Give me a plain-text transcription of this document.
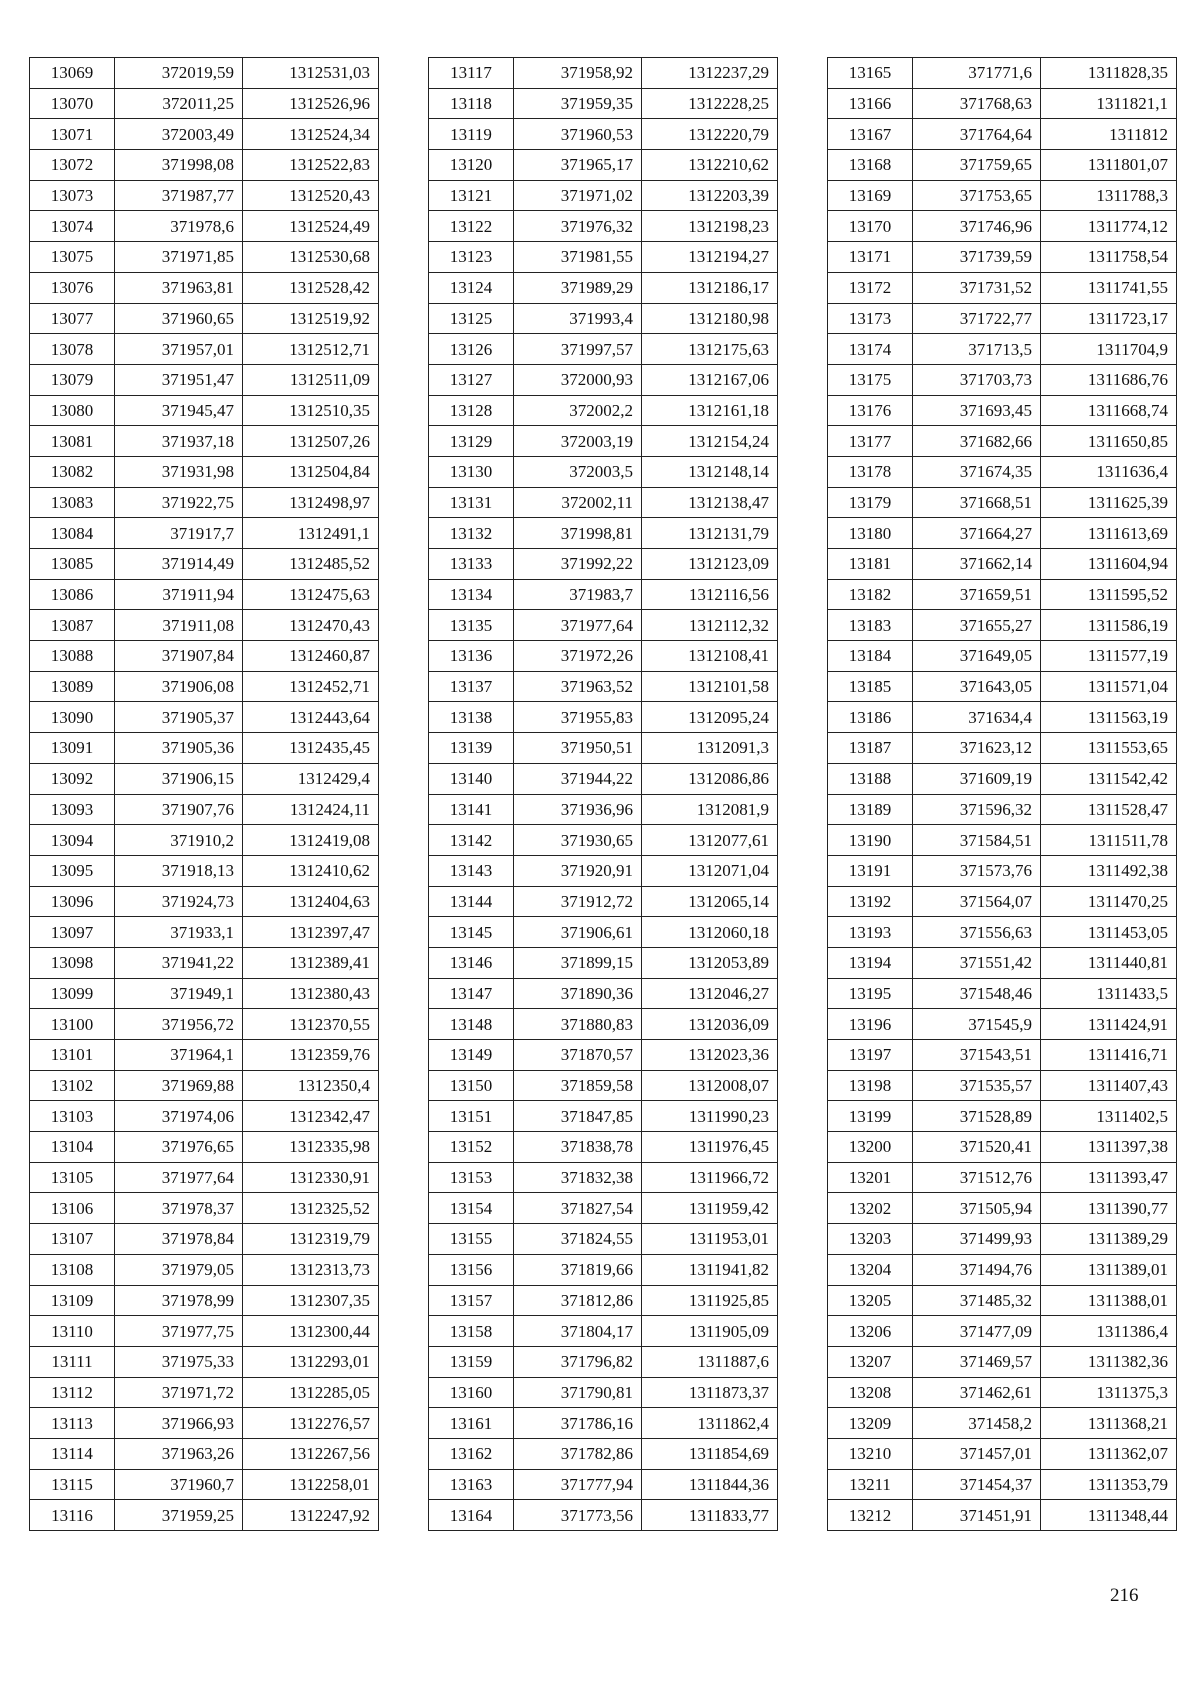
13069	372019,59	1312531,03
13070	372011,25	1312526,96
13071	372003,49	1312524,34
13072	371998,08	1312522,83
13073	371987,77	1312520,43
13074	371978,6	1312524,49
13075	371971,85	1312530,68
13076	371963,81	1312528,42
13077	371960,65	1312519,92
13078	371957,01	1312512,71
13079	371951,47	1312511,09
13080	371945,47	1312510,35
13081	371937,18	1312507,26
13082	371931,98	1312504,84
13083	371922,75	1312498,97
13084	371917,7	1312491,1
13085	371914,49	1312485,52
13086	371911,94	1312475,63
13087	371911,08	1312470,43
13088	371907,84	1312460,87
13089	371906,08	1312452,71
13090	371905,37	1312443,64
13091	371905,36	1312435,45
13092	371906,15	1312429,4
13093	371907,76	1312424,11
13094	371910,2	1312419,08
13095	371918,13	1312410,62
13096	371924,73	1312404,63
13097	371933,1	1312397,47
13098	371941,22	1312389,41
13099	371949,1	1312380,43
13100	371956,72	1312370,55
13101	371964,1	1312359,76
13102	371969,88	1312350,4
13103	371974,06	1312342,47
13104	371976,65	1312335,98
13105	371977,64	1312330,91
13106	371978,37	1312325,52
13107	371978,84	1312319,79
13108	371979,05	1312313,73
13109	371978,99	1312307,35
13110	371977,75	1312300,44
13111	371975,33	1312293,01
13112	371971,72	1312285,05
13113	371966,93	1312276,57
13114	371963,26	1312267,56
13115	371960,7	1312258,01
13116	371959,25	1312247,92
13117	371958,92	1312237,29
13118	371959,35	1312228,25
13119	371960,53	1312220,79
13120	371965,17	1312210,62
13121	371971,02	1312203,39
13122	371976,32	1312198,23
13123	371981,55	1312194,27
13124	371989,29	1312186,17
13125	371993,4	1312180,98
13126	371997,57	1312175,63
13127	372000,93	1312167,06
13128	372002,2	1312161,18
13129	372003,19	1312154,24
13130	372003,5	1312148,14
13131	372002,11	1312138,47
13132	371998,81	1312131,79
13133	371992,22	1312123,09
13134	371983,7	1312116,56
13135	371977,64	1312112,32
13136	371972,26	1312108,41
13137	371963,52	1312101,58
13138	371955,83	1312095,24
13139	371950,51	1312091,3
13140	371944,22	1312086,86
13141	371936,96	1312081,9
13142	371930,65	1312077,61
13143	371920,91	1312071,04
13144	371912,72	1312065,14
13145	371906,61	1312060,18
13146	371899,15	1312053,89
13147	371890,36	1312046,27
13148	371880,83	1312036,09
13149	371870,57	1312023,36
13150	371859,58	1312008,07
13151	371847,85	1311990,23
13152	371838,78	1311976,45
13153	371832,38	1311966,72
13154	371827,54	1311959,42
13155	371824,55	1311953,01
13156	371819,66	1311941,82
13157	371812,86	1311925,85
13158	371804,17	1311905,09
13159	371796,82	1311887,6
13160	371790,81	1311873,37
13161	371786,16	1311862,4
13162	371782,86	1311854,69
13163	371777,94	1311844,36
13164	371773,56	1311833,77
13165	371771,6	1311828,35
13166	371768,63	1311821,1
13167	371764,64	1311812
13168	371759,65	1311801,07
13169	371753,65	1311788,3
13170	371746,96	1311774,12
13171	371739,59	1311758,54
13172	371731,52	1311741,55
13173	371722,77	1311723,17
13174	371713,5	1311704,9
13175	371703,73	1311686,76
13176	371693,45	1311668,74
13177	371682,66	1311650,85
13178	371674,35	1311636,4
13179	371668,51	1311625,39
13180	371664,27	1311613,69
13181	371662,14	1311604,94
13182	371659,51	1311595,52
13183	371655,27	1311586,19
13184	371649,05	1311577,19
13185	371643,05	1311571,04
13186	371634,4	1311563,19
13187	371623,12	1311553,65
13188	371609,19	1311542,42
13189	371596,32	1311528,47
13190	371584,51	1311511,78
13191	371573,76	1311492,38
13192	371564,07	1311470,25
13193	371556,63	1311453,05
13194	371551,42	1311440,81
13195	371548,46	1311433,5
13196	371545,9	1311424,91
13197	371543,51	1311416,71
13198	371535,57	1311407,43
13199	371528,89	1311402,5
13200	371520,41	1311397,38
13201	371512,76	1311393,47
13202	371505,94	1311390,77
13203	371499,93	1311389,29
13204	371494,76	1311389,01
13205	371485,32	1311388,01
13206	371477,09	1311386,4
13207	371469,57	1311382,36
13208	371462,61	1311375,3
13209	371458,2	1311368,21
13210	371457,01	1311362,07
13211	371454,37	1311353,79
13212	371451,91	1311348,44
216
